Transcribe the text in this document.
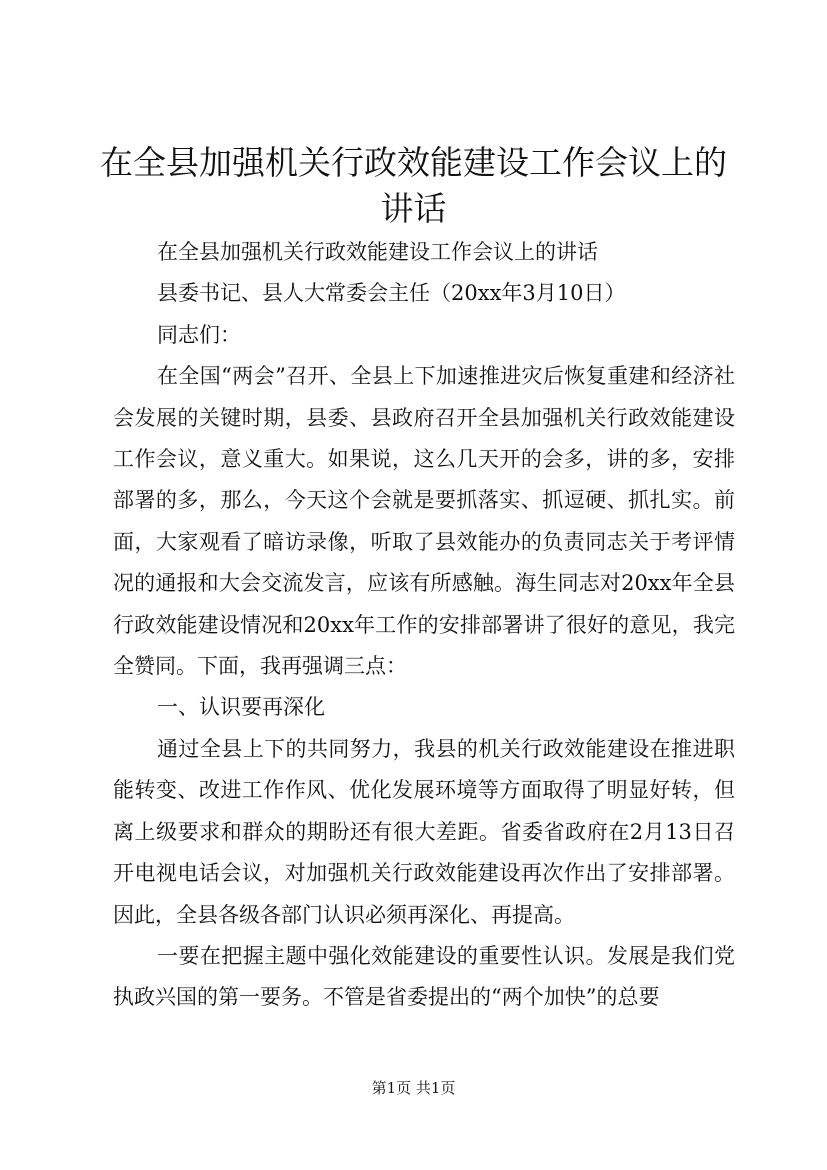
在全县加强机关行政效能建设工作会议上的讲话

在全县加强机关行政效能建设工作会议上的讲话

县委书记、县人大常委会主任（20xx年3月10日）

同志们：

在全国“两会”召开、全县上下加速推进灾后恢复重建和经济社会发展的关键时期，县委、县政府召开全县加强机关行政效能建设工作会议，意义重大。如果说，这么几天开的会多，讲的多，安排部署的多，那么，今天这个会就是要抓落实、抓逗硬、抓扎实。前面，大家观看了暗访录像，听取了县效能办的负责同志关于考评情况的通报和大会交流发言，应该有所感触。海生同志对20xx年全县行政效能建设情况和20xx年工作的安排部署讲了很好的意见，我完全赞同。下面，我再强调三点：

一、认识要再深化

通过全县上下的共同努力，我县的机关行政效能建设在推进职能转变、改进工作作风、优化发展环境等方面取得了明显好转，但离上级要求和群众的期盼还有很大差距。省委省政府在2月13日召开电视电话会议，对加强机关行政效能建设再次作出了安排部署。因此，全县各级各部门认识必须再深化、再提高。

一要在把握主题中强化效能建设的重要性认识。发展是我们党执政兴国的第一要务。不管是省委提出的“两个加快”的总要

第1页 共1页
